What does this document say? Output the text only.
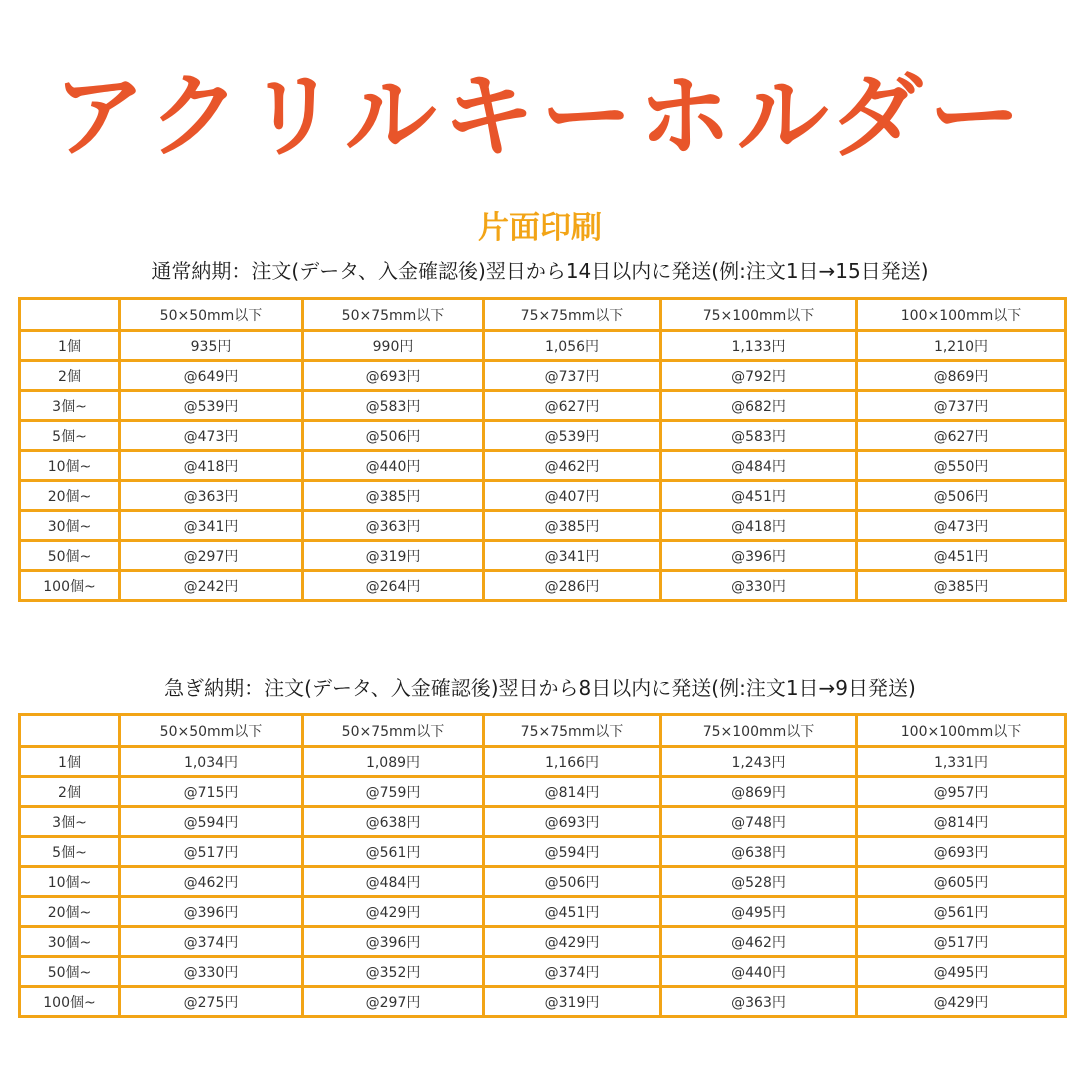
アクリルキーホルダー
片面印刷
通常納期：注文(データ、入金確認後)翌日から14日以内に発送(例:注文1日→15日発送)
	50×50mm以下	50×75mm以下	75×75mm以下	75×100mm以下	100×100mm以下
1個	935円	990円	1,056円	1,133円	1,210円
2個	@649円	@693円	@737円	@792円	@869円
3個~	@539円	@583円	@627円	@682円	@737円
5個~	@473円	@506円	@539円	@583円	@627円
10個~	@418円	@440円	@462円	@484円	@550円
20個~	@363円	@385円	@407円	@451円	@506円
30個~	@341円	@363円	@385円	@418円	@473円
50個~	@297円	@319円	@341円	@396円	@451円
100個~	@242円	@264円	@286円	@330円	@385円
急ぎ納期：注文(データ、入金確認後)翌日から8日以内に発送(例:注文1日→9日発送)
	50×50mm以下	50×75mm以下	75×75mm以下	75×100mm以下	100×100mm以下
1個	1,034円	1,089円	1,166円	1,243円	1,331円
2個	@715円	@759円	@814円	@869円	@957円
3個~	@594円	@638円	@693円	@748円	@814円
5個~	@517円	@561円	@594円	@638円	@693円
10個~	@462円	@484円	@506円	@528円	@605円
20個~	@396円	@429円	@451円	@495円	@561円
30個~	@374円	@396円	@429円	@462円	@517円
50個~	@330円	@352円	@374円	@440円	@495円
100個~	@275円	@297円	@319円	@363円	@429円
